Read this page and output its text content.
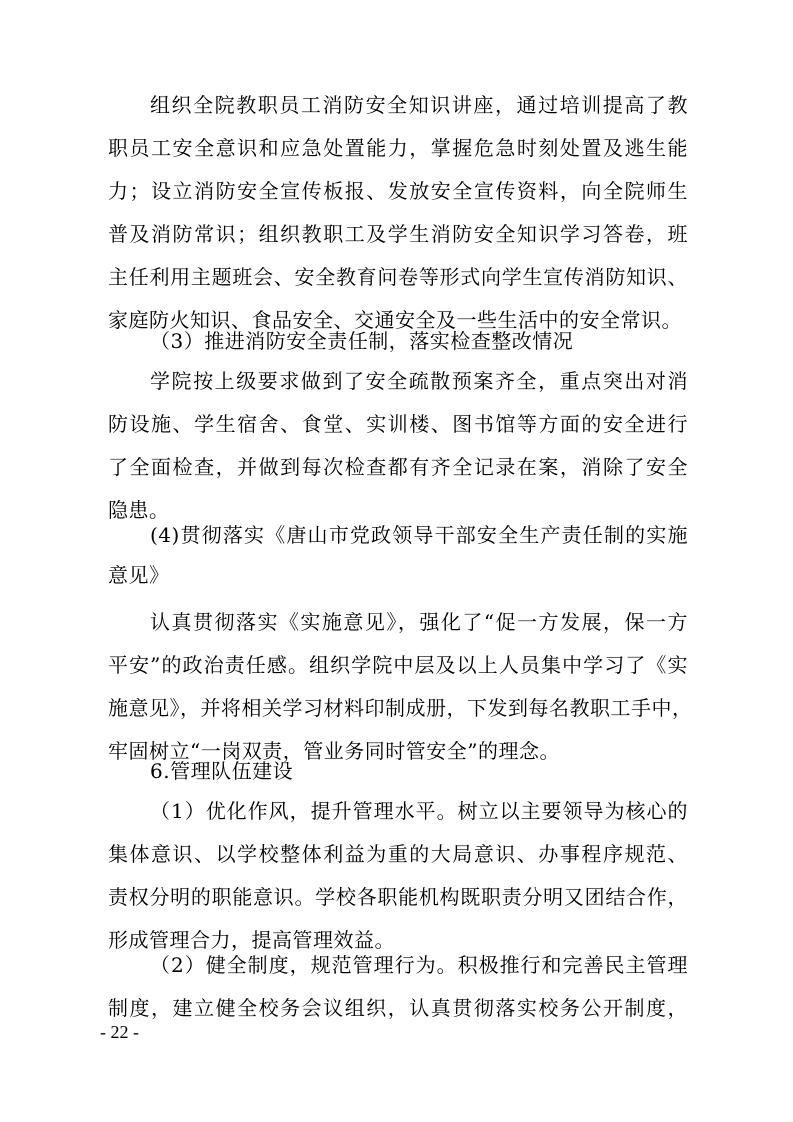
组织全院教职员工消防安全知识讲座，通过培训提高了教
职员工安全意识和应急处置能力，掌握危急时刻处置及逃生能
力；设立消防安全宣传板报、发放安全宣传资料，向全院师生
普及消防常识；组织教职工及学生消防安全知识学习答卷，班
主任利用主题班会、安全教育问卷等形式向学生宣传消防知识、
家庭防火知识、食品安全、交通安全及一些生活中的安全常识。
（3）推进消防安全责任制，落实检查整改情况
学院按上级要求做到了安全疏散预案齐全，重点突出对消
防设施、学生宿舍、食堂、实训楼、图书馆等方面的安全进行
了全面检查，并做到每次检查都有齐全记录在案，消除了安全
隐患。
(4)贯彻落实《唐山市党政领导干部安全生产责任制的实施
意见》
认真贯彻落实《实施意见》，强化了“促一方发展，保一方
平安”的政治责任感。组织学院中层及以上人员集中学习了《实
施意见》，并将相关学习材料印制成册，下发到每名教职工手中，
牢固树立“一岗双责，管业务同时管安全”的理念。
6.管理队伍建设
（1）优化作风，提升管理水平。树立以主要领导为核心的
集体意识、以学校整体利益为重的大局意识、办事程序规范、
责权分明的职能意识。学校各职能机构既职责分明又团结合作，
形成管理合力，提高管理效益。
（2）健全制度，规范管理行为。积极推行和完善民主管理
制度，建立健全校务会议组织，认真贯彻落实校务公开制度，
- 22 -
